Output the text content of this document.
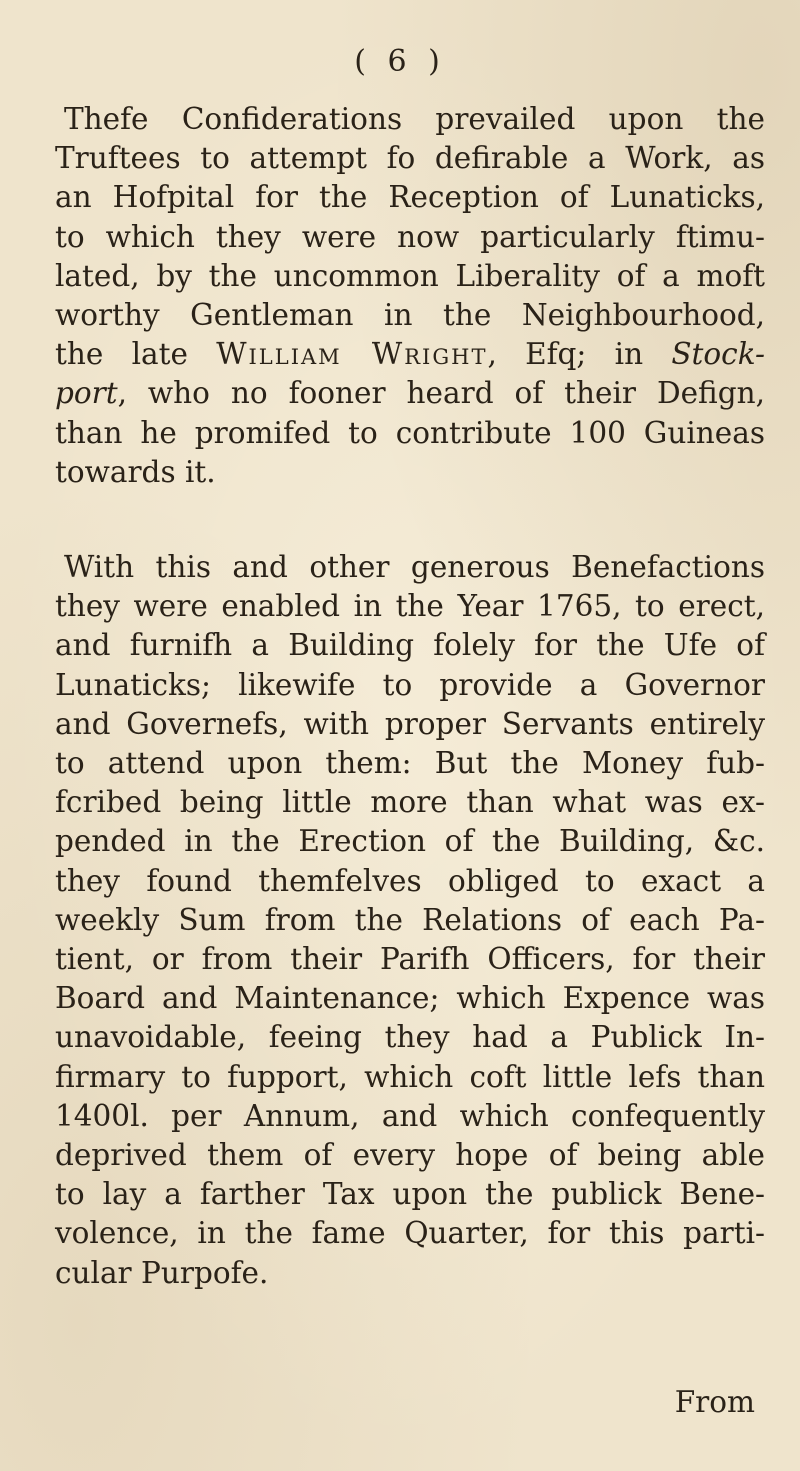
( 6 )
Thefe Confiderations prevailed upon the
Truftees to attempt fo defirable a Work, as
an Hofpital for the Reception of Lunaticks,
to which they were now particularly ftimu-
lated, by the uncommon Liberality of a moft
worthy Gentleman in the Neighbourhood,
the late William Wright, Efq; in Stock-
port, who no fooner heard of their Defign,
than he promifed to contribute 100 Guineas
towards it.
With this and other generous Benefactions
they were enabled in the Year 1765, to erect,
and furnifh a Building folely for the Ufe of
Lunaticks; likewife to provide a Governor
and Governefs, with proper Servants entirely
to attend upon them: But the Money fub-
fcribed being little more than what was ex-
pended in the Erection of the Building, &c.
they found themfelves obliged to exact a
weekly Sum from the Relations of each Pa-
tient, or from their Parifh Officers, for their
Board and Maintenance; which Expence was
unavoidable, feeing they had a Publick In-
firmary to fupport, which coft little lefs than
1400l. per Annum, and which confequently
deprived them of every hope of being able
to lay a farther Tax upon the publick Bene-
volence, in the fame Quarter, for this parti-
cular Purpofe.
From
